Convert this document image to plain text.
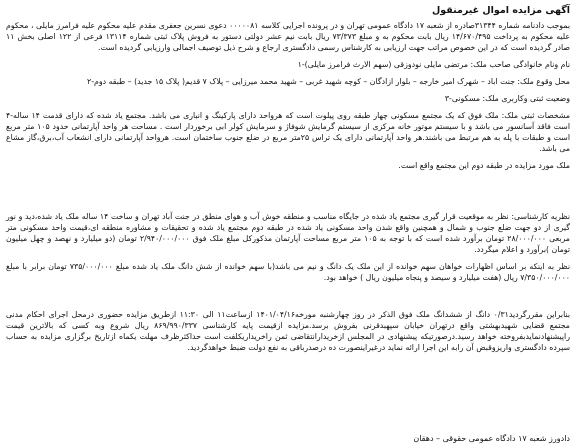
آگهی مزایده اموال غیرمنقول

بموجب دادنامه شماره ۳۱۳۴۴صادره از شعبه ۱۷ دادگاه عمومی تهران و در پرونده اجرایی کلاسه ۰۰۰۰۰۸۱ دعوی نسرین جعفری مقدم علیه محکوم علیه فرامرز مایلی ، محکوم علیه محکوم به پرداخت ۱۴/۶۷۰/۴۹۵ ریال بابت محکوم به و مبلغ ۷۳/۳۷۳ ریال بابت نیم عشر دولتی دستور به فروش پلاک ثبتی شماره ۱۳۱۱۴ فرعی از ۱۲۲ اصلی بخش ۱۱ صادر گردیده است که در این خصوص مراتب جهت ارزیابی به کارشناس رسمی دادگستری ارجاع و شرح ذیل توصیف اجمالی وارزیابی گردیده است.

نام ونام خانوادگی صاحب ملک: مرتضی مایلی نودوزقی (سهم الارث فرامرز مایلی)-۱

محل وقوع ملک: جنت اباد – شهرک امیر خارجه – بلوار ازادگان – کوچه شهید غربی – شهید محمد میرزایی – پلاک ۷ قدیم( پلاک ۱۵ جدید) – طبقه دوم-۲

وضعیت ثبتی وکاربری ملک: مسکونی-۳

مشخصات ثبتی ملک: ملک فوق که یک مجتمع مسکونی چهار طبقه روی پیلوت است که هرواحد دارای پارکینگ و انباری می باشد. مجتمع یاد شده که دارای قدمت ۱۴ ساله-۴ است فاقد آسانسور می باشد و با سیستم موتور خانه مرکزی از سیستم گرمایش شوفاژ و سرمایش کولر ابی برخوردار است . مساحت هر واحد آپارتمانی حدود ۱۰۵ متر مربع است و طبقات با پله به هم مرتبط می باشند.هر واحد آپارتمانی دارای یک تراس ۲۵متر مربع در ضلع جنوب ساختمان است. هرواحد آپارتمانی دارای انشعاب آب،برق،گاز مشاع می باشد.

ملک مورد مزایده در طبقه دوم این مجتمع واقع است.

نظریه کارشناسی: نظر به موقعیت قرار گیری مجتمع یاد شده در جایگاه مناسب و منطقه خوش آب و هوای منطق در جنت آباد تهران و ساخت ۱۴ ساله ملک یاد شده،دید و نور گیری از دو جهت ضلع جنوب و شمال و همچنین واقع شدن واحد مسکونی یاد شده در طبقه دوم مجتمع یاد شده و تحقیقات و مشاوره منطقه ای،قیمت واحد مسکونی متر مربعی ۲۸/۰۰۰/۰۰۰ تومان برآورد شده است که با توجه به ۱۰۵ متر مربع مساحت آپارتمان مذکورکل مبلغ ملک فوق ۲/۹۴۰/۰۰۰/۰۰۰ تومان (دو میلیارد و نهصد و چهل میلیون تومان )برآورد و اعلام میگردد.

نظر به اینکه بر اساس اظهارات خواهان سهم خوانده از این ملک یک دانگ و نیم می باشد(با سهم خوانده از شش دانگ ملک یاد شده مبلغ ۷۳۵/۰۰۰/۰۰۰ تومان برابر با مبلغ ۷/۳۵۰/۰۰۰/۰۰۰ ریال (هفت میلیارد و سیصد و پنجاه میلیون ریال ) خواهد بود.

بنابراین مقررگردید۰/۳۱ دانگ از ششدانگ ملک فوق الذکر در روز چهارشنبه مورخه۱۴۰۱/۰۴/۱۶ ازساعت۱۱ الی ۱۱:۳۰ ازطریق مزایده حضوری درمحل اجرای احکام مدنی مجتمع قضایی شهیدبهشتی واقع درتهران خیابان سپهبدقرنی بفروش برسد.مزایده ازقیمت پایه کارشناسی ۸۶۹/۹۹۰/۳۳۷ ریال شروع وبه کسی که بالاترین قیمت راپیشنهادنمایدبفروخته خواهد رسید.درصورتیکه پیشنهادی در المجلس ازخریدارانتقاضی ثمن راخریداریکلفت است حداکثرظرف مهلت یکماه ازتاریخ برگزاری مزایده به حساب سپرده دادگستری واریزوقبض آن رابه این اجرا ارائه نماید درغیراینصورت ده درصدرباقی به نفع دولت ضبط خواهدگردید.

دادورز شعبه ۱۷ دادگاه عمومی حقوقی – دهقان
